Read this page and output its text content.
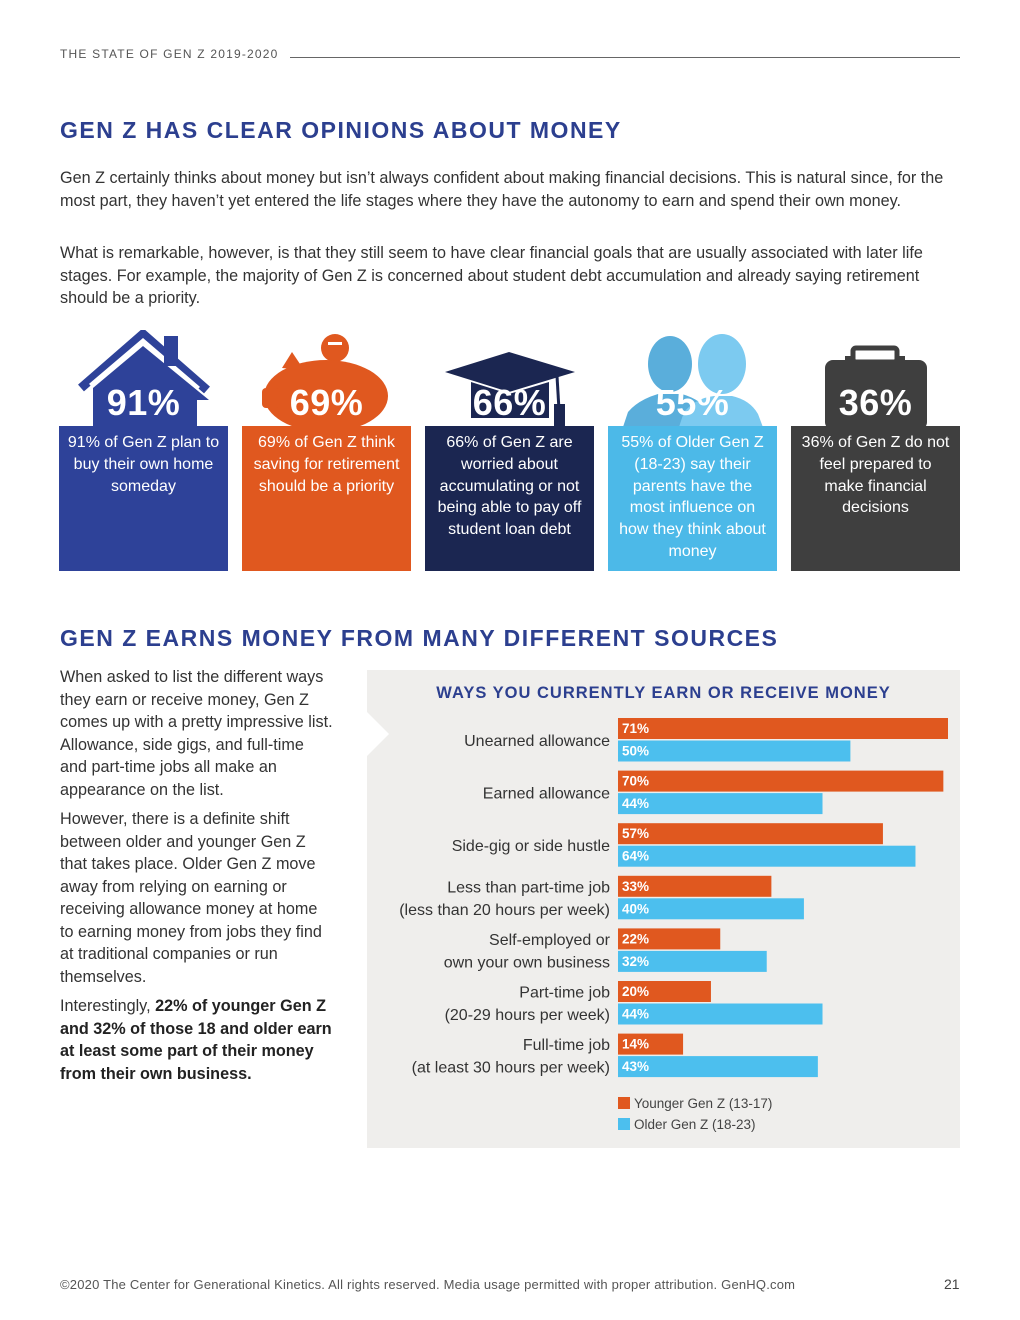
THE STATE OF GEN Z 2019-2020
GEN Z HAS CLEAR OPINIONS ABOUT MONEY

Gen Z certainly thinks about money but isn’t always confident about making financial decisions. This is natural since, for the most part, they haven’t yet entered the life stages where they have the autonomy to earn and spend their own money.

What is remarkable, however, is that they still seem to have clear financial goals that are usually associated with later life stages. For example, the majority of Gen Z is concerned about student debt accumulation and already saying retirement should be a priority.

91%
91% of Gen Z plan to buy their own home someday
69%
69% of Gen Z think saving for retirement should be a priority
66%
66% of Gen Z are worried about accumulating or not being able to pay off student loan debt
55%
55% of Older Gen Z (18-23) say their parents have the most influence on how they think about money
36%
36% of Gen Z do not feel prepared to make financial decisions
GEN Z EARNS MONEY FROM MANY DIFFERENT SOURCES

When asked to list the different ways they earn or receive money, Gen Z comes up with a pretty impressive list. Allowance, side gigs, and full-time and part-time jobs all make an appearance on the list.

However, there is a definite shift between older and younger Gen Z that takes place. Older Gen Z move away from relying on earning or receiving allowance money at home to earning money from jobs they find at traditional companies or run themselves.

Interestingly, 22% of younger Gen Z and 32% of those 18 and older earn at least some part of their money from their own business.

WAYS YOU CURRENTLY EARN OR RECEIVE MONEY
Unearned allowance
71%
50%
Earned allowance
70%
44%
Side-gig or side hustle
57%
64%
Less than part-time job (less than 20 hours per week)
33%
40%
Self-employed or own your own business
22%
32%
Part-time job (20-29 hours per week)
20%
44%
Full-time job (at least 30 hours per week)
14%
43%
Younger Gen Z (13-17)
Older Gen Z (18-23)
©2020 The Center for Generational Kinetics. All rights reserved. Media usage permitted with proper attribution. GenHQ.com	21
